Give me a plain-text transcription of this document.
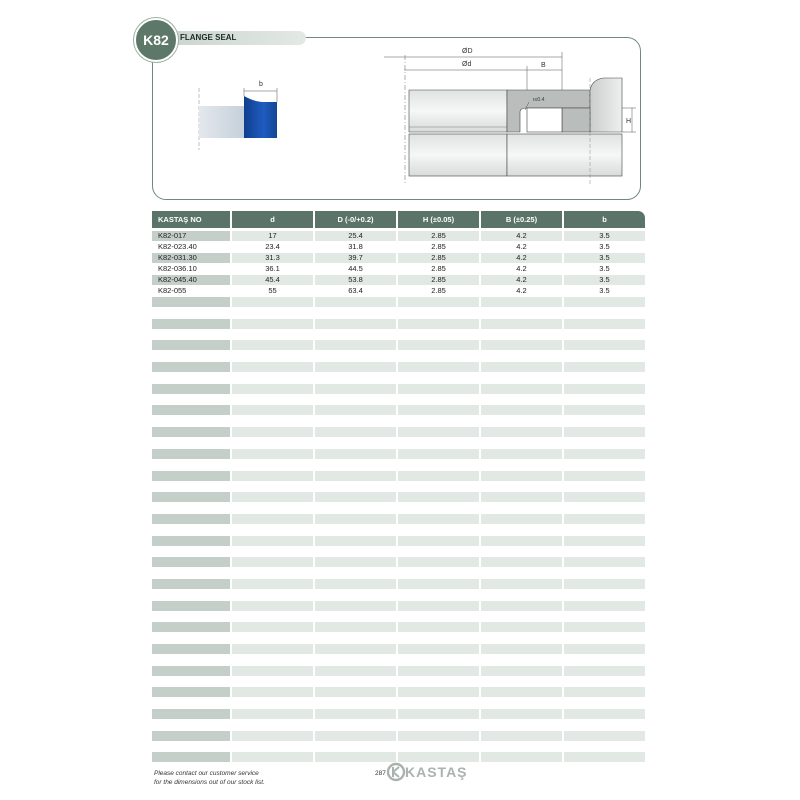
K82	FLANGE SEAL
b
ØD
Ød	B
r≤0.4
H
KASTAŞ NO	d	D (-0/+0.2)	H (±0.05)	B (±0.25)	b
K82-017	17	25.4	2.85	4.2	3.5
K82-023.40	23.4	31.8	2.85	4.2	3.5
K82-031.30	31.3	39.7	2.85	4.2	3.5
K82-036.10	36.1	44.5	2.85	4.2	3.5
K82-045.40	45.4	53.8	2.85	4.2	3.5
K82-055	55	63.4	2.85	4.2	3.5
Please contact our customer service
for the dimensions out of our stock list.
287 KASTAŞ
